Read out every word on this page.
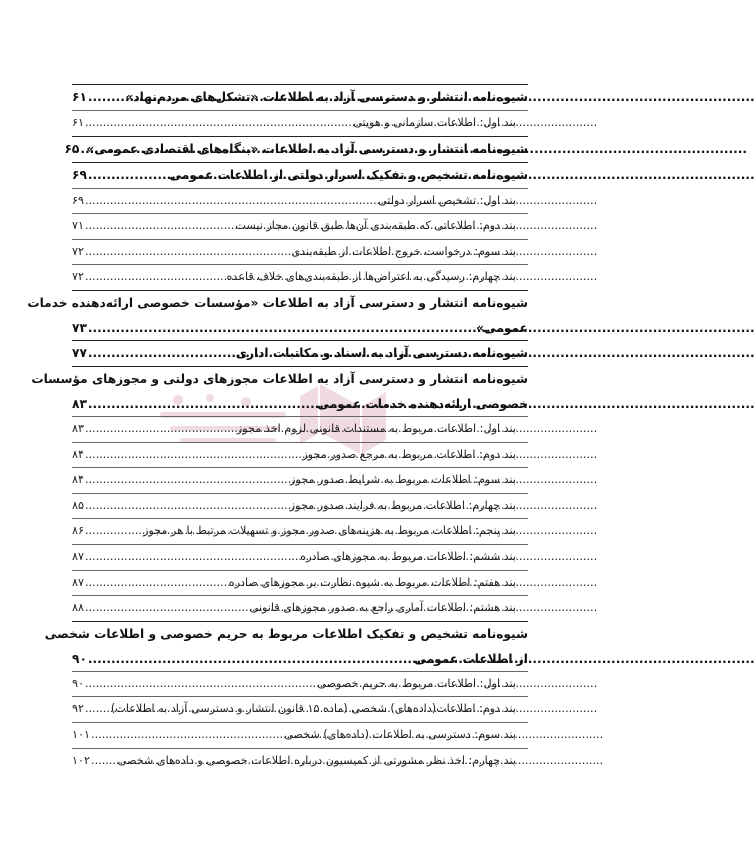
شیوه‌نامه انتشار و دسترسی آزاد به اطلاعات «تشکل‌های مردم‌نهاد»
.....
۶۱
بند اول: اطلاعات سازمانی و هویتی
.....
۶۱
شیوه‌نامه انتشار و دسترسی آزاد به اطلاعات «بنگاه‌های اقتصادی عمومی»
.....
۶۵
شیوه‌نامه تشخیص و تفکیک اسرار دولتی از اطلاعات عمومی
.....
۶۹
بند اول: تشخیص اسرار دولتی
.....
۶۹
بند دوم: اطلاعاتی که طبقه‌بندی آن‌ها طبق قانون مجاز نیست
.....
۷۱
بند سوم: درخواست خروج اطلاعات از طبقه‌بندی
.....
۷۲
بند چهارم: رسیدگی به اعتراض‌ها از طبقه‌بندی‌های خلاف قاعده
.....
۷۲
شیوه‌نامه انتشار و دسترسی آزاد به اطلاعات «مؤسسات خصوصی ارائه‌دهنده خدمات
عمومی»
.....
۷۳
شیوه‌نامه دسترسی آزاد به اسناد و مکاتبات اداری
.....
۷۷
شیوه‌نامه انتشار و دسترسی آزاد به اطلاعات مجوزهای دولتی و مجوزهای مؤسسات
خصوصی ارائه‌دهنده خدمات عمومی
.....
۸۳
بند اول: اطلاعات مربوط به مستندات قانونی لزوم اخذ مجوز
.....
۸۳
بند دوم: اطلاعات مربوط به مرجع صدور مجوز
.....
۸۴
بند سوم: اطلاعات مربوط به شرایط صدور مجوز
.....
۸۴
بند چهارم: اطلاعات مربوط به فرایند صدور مجوز
.....
۸۵
بند پنجم: اطلاعات مربوط به هزینه‌های صدور مجوز و تسهیلات مرتبط با هر مجوز
.....
۸۶
بند ششم: اطلاعات مربوط به مجوزهای صادره
.....
۸۷
بند هفتم: اطلاعات مربوط به شیوه نظارت بر مجوزهای صادره
.....
۸۷
بند هشتم: اطلاعات آماری راجع به صدور مجوزهای قانونی
.....
۸۸
شیوه‌نامه تشخیص و تفکیک اطلاعات مربوط به حریم خصوصی و اطلاعات شخصی
از اطلاعات عمومی
.....
۹۰
بند اول: اطلاعات مربوط به حریم خصوصی
.....
۹۰
بند دوم: اطلاعات(داده‌های) شخصی (ماده ۱۵ قانون انتشار و دسترسی آزاد به اطلاعات)
.....
۹۲
بند سوم: دسترسی به اطلاعات (داده‌های) شخصی
.....
۱۰۱
بند چهارم: اخذ نظر مشورتی از کمیسیون درباره اطلاعات خصوصی و داده‌های شخصی
.....
۱۰۲
